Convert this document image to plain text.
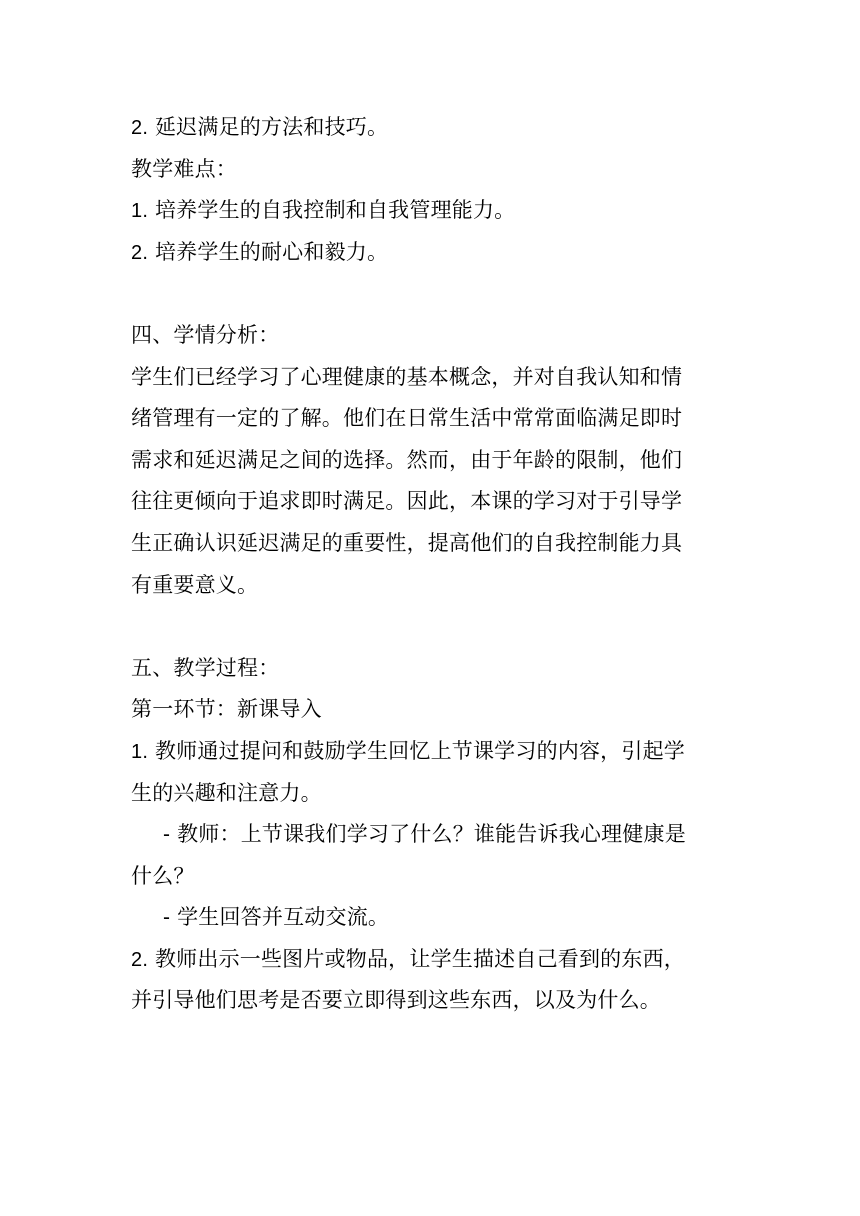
2. 延迟满足的方法和技巧。
教学难点：
1. 培养学生的自我控制和自我管理能力。
2. 培养学生的耐心和毅力。
四、学情分析：
学生们已经学习了心理健康的基本概念，并对自我认知和情
绪管理有一定的了解。他们在日常生活中常常面临满足即时
需求和延迟满足之间的选择。然而，由于年龄的限制，他们
往往更倾向于追求即时满足。因此，本课的学习对于引导学
生正确认识延迟满足的重要性，提高他们的自我控制能力具
有重要意义。
五、教学过程：
第一环节：新课导入
1. 教师通过提问和鼓励学生回忆上节课学习的内容，引起学
生的兴趣和注意力。
- 教师：上节课我们学习了什么？谁能告诉我心理健康是
什么？
- 学生回答并互动交流。
2. 教师出示一些图片或物品，让学生描述自己看到的东西，
并引导他们思考是否要立即得到这些东西，以及为什么。
